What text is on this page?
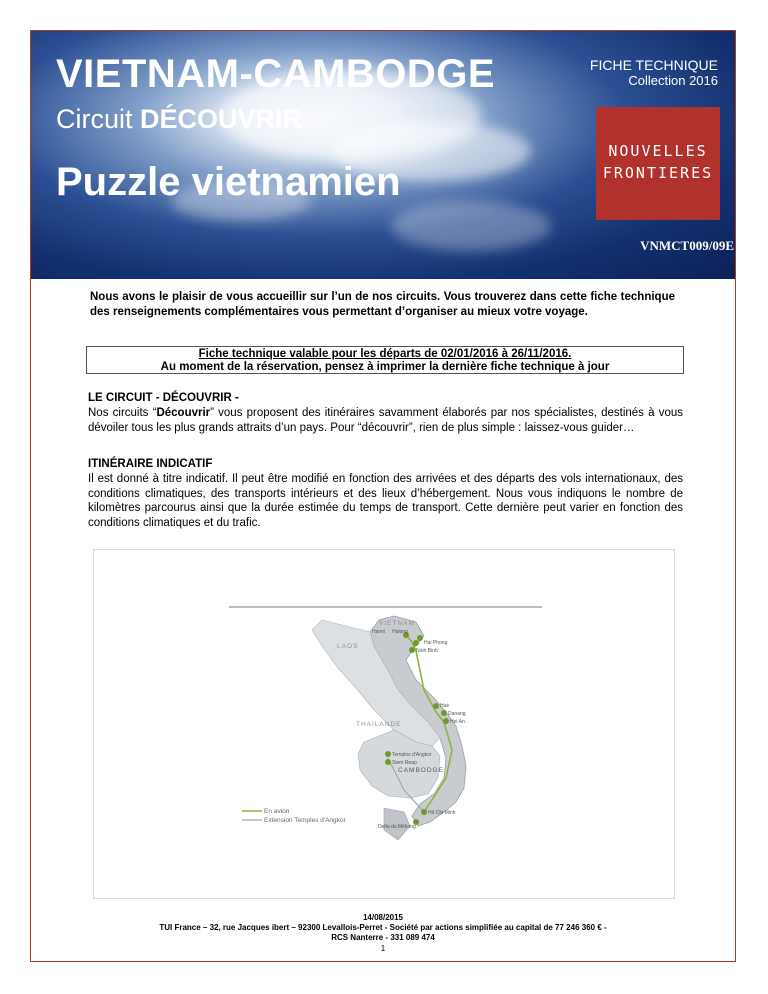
VIETNAM-CAMBODGE

Circuit DÉCOUVRIR

Puzzle vietnamien

FICHE TECHNIQUE
Collection 2016
NOUVELLES
FRONTIERES
VNMCT009/09E

Nous avons le plaisir de vous accueillir sur l’un de nos circuits. Vous trouverez dans cette fiche technique des renseignements complémentaires vous permettant d’organiser au mieux votre voyage.

Fiche technique valable pour les départs de 02/01/2016 à 26/11/2016.
Au moment de la réservation, pensez à imprimer la dernière fiche technique à jour
LE CIRCUIT - DÉCOUVRIR -

Nos circuits “Découvrir” vous proposent des itinéraires savamment élaborés par nos spécialistes, destinés à vous dévoiler tous les plus grands attraits d’un pays. Pour “découvrir”, rien de plus simple : laissez-vous guider…

ITINÉRAIRE INDICATIF

Il est donné à titre indicatif. Il peut être modifié en fonction des arrivées et des départs des vols internationaux, des conditions climatiques, des transports intérieurs et des lieux d’hébergement. Nous vous indiquons le nombre de kilomètres parcourus ainsi que la durée estimée du temps de transport. Cette dernière peut varier en fonction des conditions climatiques et du trafic.

VIETNAM
LAOS
THAILANDE
CAMBODGE
Hanoi Halong
Hai Phong
Ninh Binh
Hué
Danang
Hoi An
Temples d'Angkor
Siem Reap
Hô Chi Minh
Delta du Mékong
En avion
Extension Temples d'Angkor
14/08/2015
TUI France – 32, rue Jacques ibert – 92300 Levallois-Perret - Société par actions simplifiée au capital de 77 246 360 € -
RCS Nanterre - 331 089 474
1
